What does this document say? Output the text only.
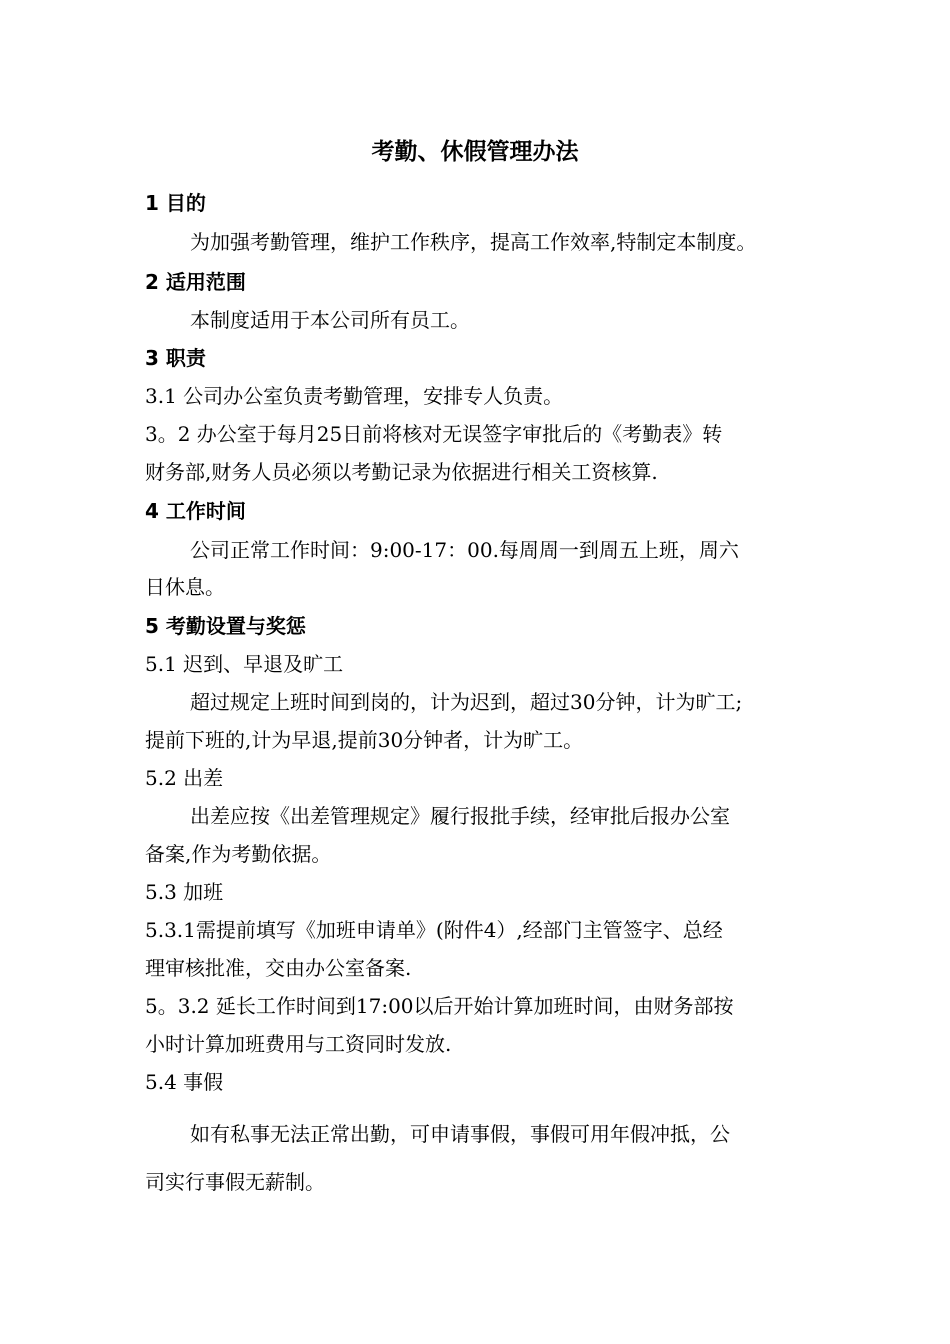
考勤、休假管理办法
1 目的
为加强考勤管理，维护工作秩序，提高工作效率,特制定本制度。
2 适用范围
本制度适用于本公司所有员工。
3 职责
3.1 公司办公室负责考勤管理，安排专人负责。
3。2 办公室于每月25日前将核对无误签字审批后的《考勤表》转
财务部,财务人员必须以考勤记录为依据进行相关工资核算.
4 工作时间
公司正常工作时间：9:00-17：00.每周周一到周五上班，周六
日休息。
5 考勤设置与奖惩
5.1 迟到、早退及旷工
超过规定上班时间到岗的，计为迟到，超过30分钟，计为旷工;
提前下班的,计为早退,提前30分钟者，计为旷工。
5.2 出差
出差应按《出差管理规定》履行报批手续，经审批后报办公室
备案,作为考勤依据。
5.3 加班
5.3.1需提前填写《加班申请单》(附件4）,经部门主管签字、总经
理审核批准，交由办公室备案.
5。3.2 延长工作时间到17:00以后开始计算加班时间，由财务部按
小时计算加班费用与工资同时发放.
5.4 事假
如有私事无法正常出勤，可申请事假，事假可用年假冲抵，公
司实行事假无薪制。
